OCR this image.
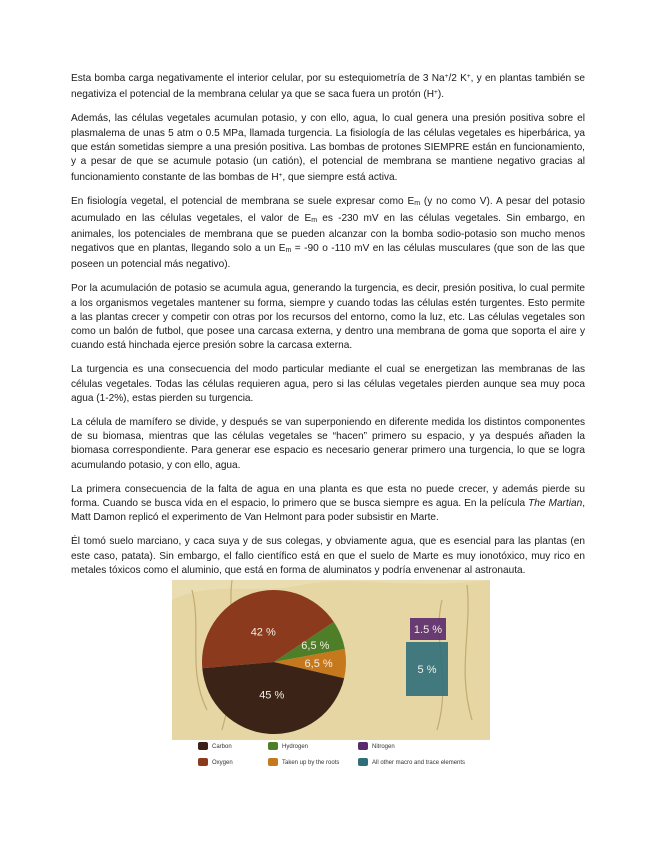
Esta bomba carga negativamente el interior celular, por su estequiometría de 3 Na+/2 K+, y en plantas también se negativiza el potencial de la membrana celular ya que se saca fuera un protón (H+).

Además, las células vegetales acumulan potasio, y con ello, agua, lo cual genera una presión positiva sobre el plasmalema de unas 5 atm o 0.5 MPa, llamada turgencia. La fisiología de las células vegetales es hiperbárica, ya que están sometidas siempre a una presión positiva. Las bombas de protones SIEMPRE están en funcionamiento, y a pesar de que se acumule potasio (un catión), el potencial de membrana se mantiene negativo gracias al funcionamiento constante de las bombas de H+, que siempre está activa.

En fisiología vegetal, el potencial de membrana se suele expresar como $E_m$ (y no como V). A pesar del potasio acumulado en las células vegetales, el valor de $E_m$ es -230 mV en las células vegetales. Sin embargo, en animales, los potenciales de membrana que se pueden alcanzar con la bomba sodio-potasio son mucho menos negativos que en plantas, llegando solo a un $E_m = -90$ o -110 mV en las células musculares (que son de las que poseen un potencial más negativo).

Por la acumulación de potasio se acumula agua, generando la turgencia, es decir, presión positiva, lo cual permite a los organismos vegetales mantener su forma, siempre y cuando todas las células estén turgentes. Esto permite a las plantas crecer y competir con otras por los recursos del entorno, como la luz, etc. Las células vegetales son como un balón de futbol, que posee una carcasa externa, y dentro una membrana de goma que soporta el aire y cuando está hinchada ejerce presión sobre la carcasa externa.

La turgencia es una consecuencia del modo particular mediante el cual se energetizan las membranas de las células vegetales. Todas las células requieren agua, pero si las células vegetales pierden aunque sea muy poca agua (1-2%), estas pierden su turgencia.

La célula de mamífero se divide, y después se van superponiendo en diferente medida los distintos componentes de su biomasa, mientras que las células vegetales se “hacen” primero su espacio, y ya después añaden la biomasa correspondiente. Para generar ese espacio es necesario generar primero una turgencia, lo que se logra acumulando potasio, y con ello, agua.

La primera consecuencia de la falta de agua en una planta es que esta no puede crecer, y además pierde su forma. Cuando se busca vida en el espacio, lo primero que se busca siempre es agua. En la película The Martian, Matt Damon replicó el experimento de Van Helmont para poder subsistir en Marte.

Él tomó suelo marciano, y caca suya y de sus colegas, y obviamente agua, que es esencial para las plantas (en este caso, patata). Sin embargo, el fallo científico está en que el suelo de Marte es muy ionotóxico, muy rico en metales tóxicos como el aluminio, que está en forma de aluminatos y podría envenenar al astronauta.

42 %
6,5 %
6,5 %
45 %
1.5 %
5 %
Carbon	Hydrogen	Nitrogen
Oxygen	Taken up by the roots	All other macro and trace elements
